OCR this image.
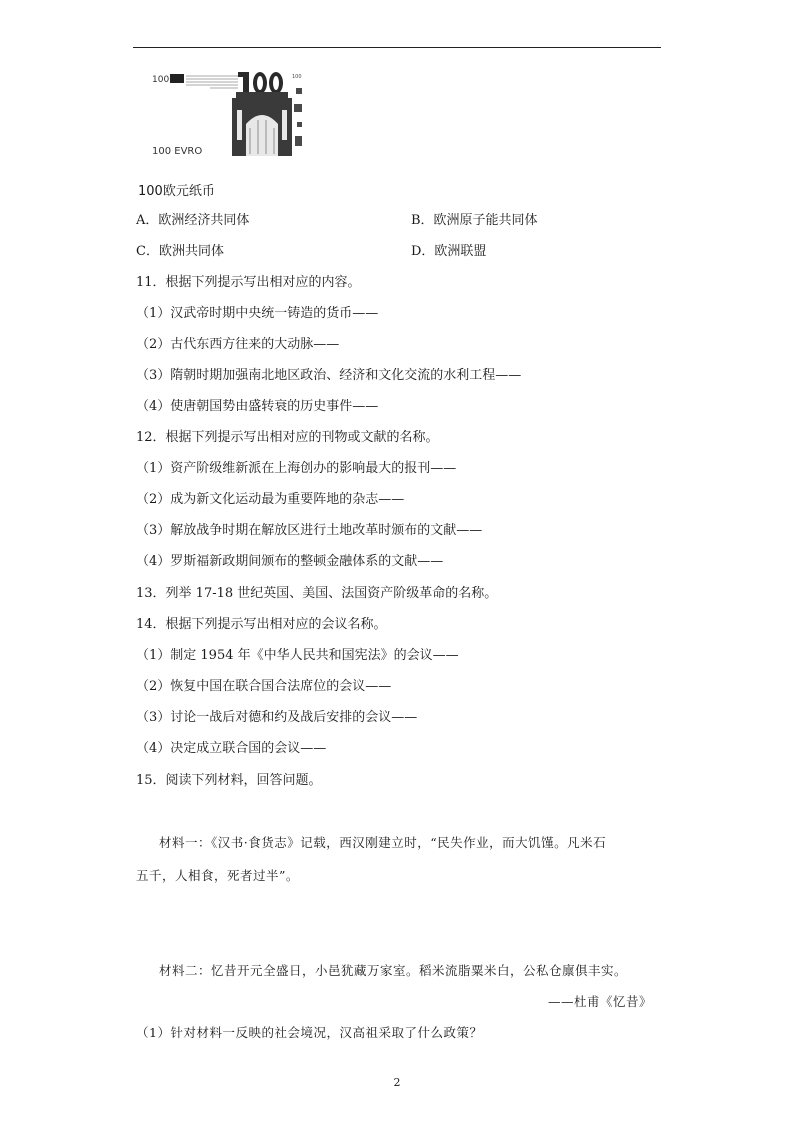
100	100
100 EVRO
100欧元纸币
A．欧洲经济共同体	B．欧洲原子能共同体
C．欧洲共同体	D．欧洲联盟
11．根据下列提示写出相对应的内容。
（1）汉武帝时期中央统一铸造的货币——
（2）古代东西方往来的大动脉——
（3）隋朝时期加强南北地区政治、经济和文化交流的水利工程——
（4）使唐朝国势由盛转衰的历史事件——
12．根据下列提示写出相对应的刊物或文献的名称。
（1）资产阶级维新派在上海创办的影响最大的报刊——
（2）成为新文化运动最为重要阵地的杂志——
（3）解放战争时期在解放区进行土地改革时颁布的文献——
（4）罗斯福新政期间颁布的整顿金融体系的文献——
13．列举 17-18 世纪英国、美国、法国资产阶级革命的名称。
14．根据下列提示写出相对应的会议名称。
（1）制定 1954 年《中华人民共和国宪法》的会议——
（2）恢复中国在联合国合法席位的会议——
（3）讨论一战后对德和约及战后安排的会议——
（4）决定成立联合国的会议——
15．阅读下列材料，回答问题。
材料一：《汉书·食货志》记载，西汉刚建立时，“民失作业，而大饥馑。凡米石
五千，人相食，死者过半”。
材料二：忆昔开元全盛日，小邑犹藏万家室。稻米流脂粟米白，公私仓廪俱丰实。
——杜甫《忆昔》
（1）针对材料一反映的社会境况，汉高祖采取了什么政策？
2
